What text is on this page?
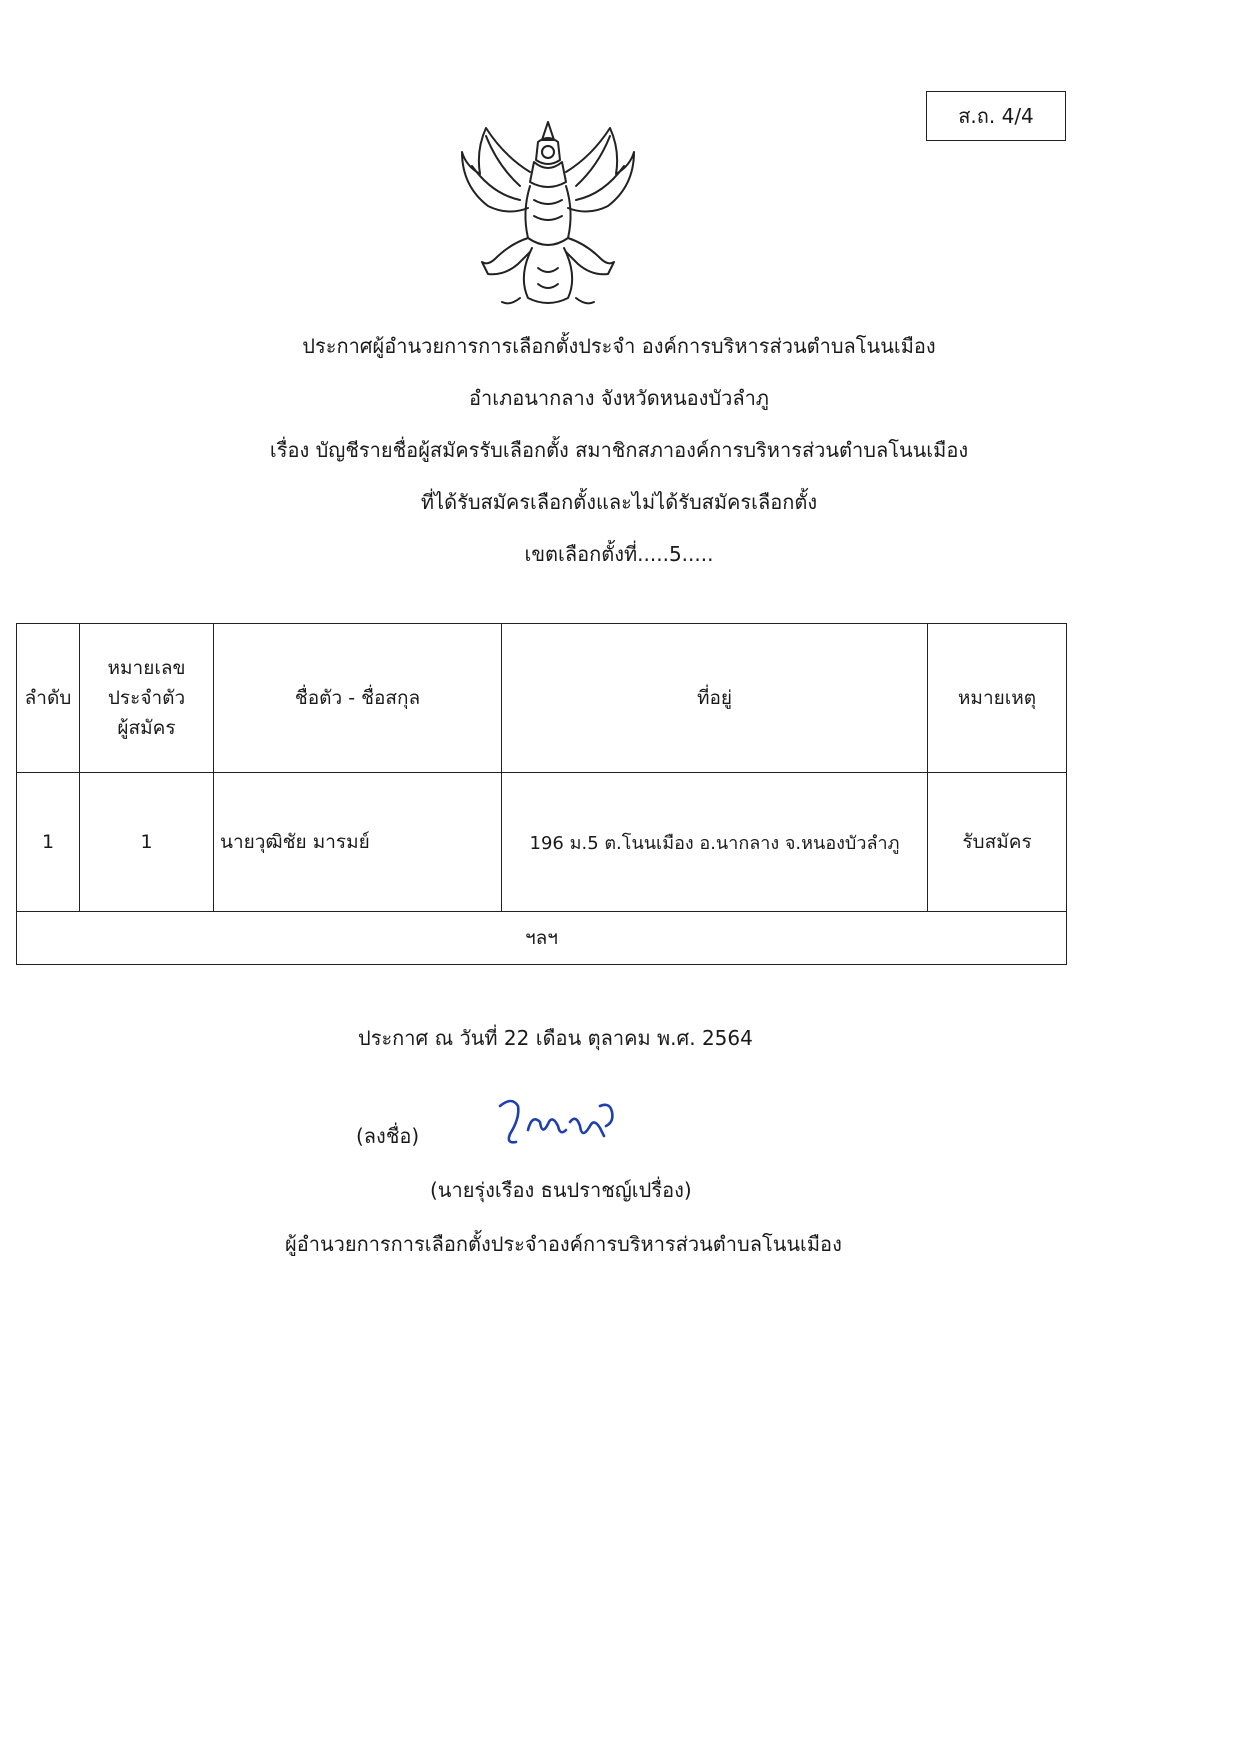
ส.ถ. 4/4
ประกาศผู้อำนวยการการเลือกตั้งประจำ องค์การบริหารส่วนตำบลโนนเมือง
อำเภอนากลาง จังหวัดหนองบัวลำภู
เรื่อง บัญชีรายชื่อผู้สมัครรับเลือกตั้ง สมาชิกสภาองค์การบริหารส่วนตำบลโนนเมือง
ที่ได้รับสมัครเลือกตั้งและไม่ได้รับสมัครเลือกตั้ง
เขตเลือกตั้งที่.....5.....
ลำดับ	หมายเลข
ประจำตัว
ผู้สมัคร	ชื่อตัว - ชื่อสกุล	ที่อยู่	หมายเหตุ
1	1	นายวุฒิชัย มารมย์	196 ม.5 ต.โนนเมือง อ.นากลาง จ.หนองบัวลำภู	รับสมัคร
ฯลฯ				
ประกาศ ณ วันที่ 22 เดือน ตุลาคม พ.ศ. 2564
(ลงชื่อ)
(นายรุ่งเรือง ธนปราชญ์เปรื่อง)
ผู้อำนวยการการเลือกตั้งประจำองค์การบริหารส่วนตำบลโนนเมือง
